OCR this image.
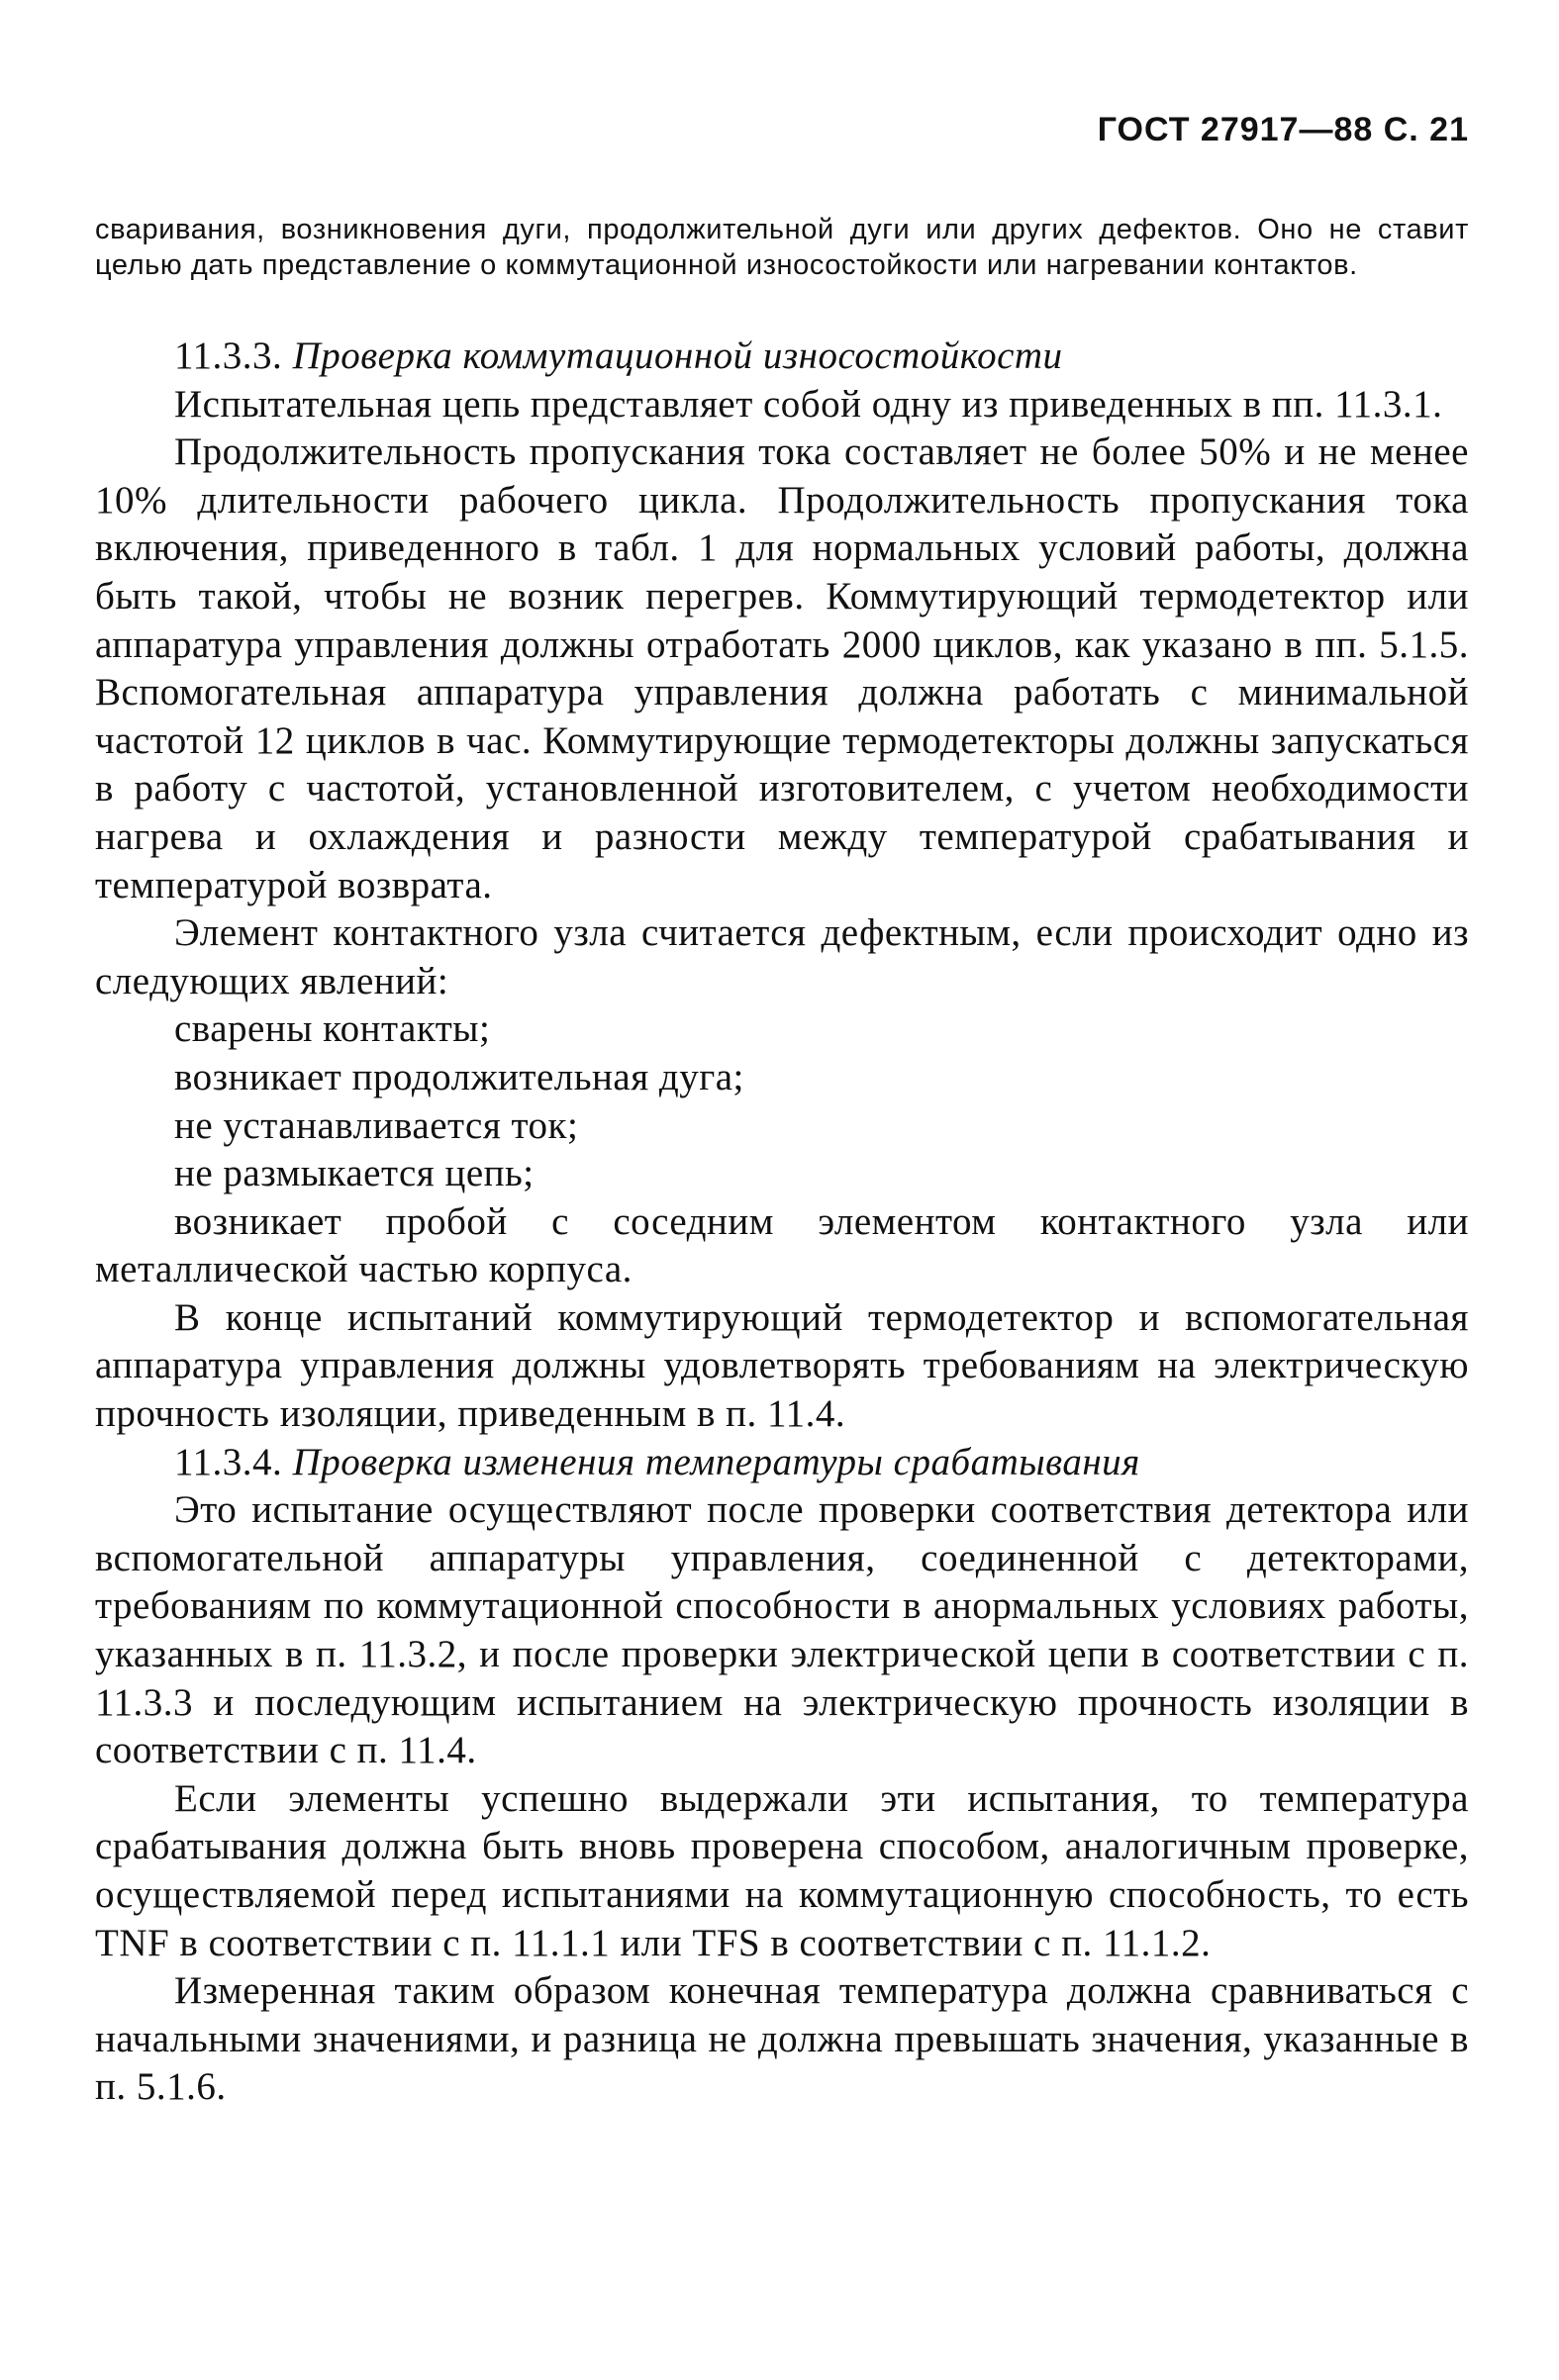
ГОСТ 27917—88 С. 21
сваривания, возникновения дуги, продолжительной дуги или других дефектов. Оно не ставит целью дать представление о коммутационной износостойкости или нагревании контактов.

11.3.3. Проверка коммутационной износостойкости

Испытательная цепь представляет собой одну из приведенных в пп. 11.3.1.

Продолжительность пропускания тока составляет не более 50% и не менее 10% длительности рабочего цикла. Продолжительность пропускания тока включения, приведенного в табл. 1 для нормальных условий работы, должна быть такой, чтобы не возник перегрев. Коммутирующий термодетектор или аппаратура управления должны отработать 2000 циклов, как указано в пп. 5.1.5. Вспомогательная аппаратура управления должна работать с минимальной частотой 12 циклов в час. Коммутирующие термодетекторы должны запускаться в работу с частотой, установленной изготовителем, с учетом необходимости нагрева и охлаждения и разности между температурой срабатывания и температурой возврата.

Элемент контактного узла считается дефектным, если происходит одно из следующих явлений:

сварены контакты;

возникает продолжительная дуга;

не устанавливается ток;

не размыкается цепь;

возникает пробой с соседним элементом контактного узла или металлической частью корпуса.

В конце испытаний коммутирующий термодетектор и вспомогательная аппаратура управления должны удовлетворять требованиям на электрическую прочность изоляции, приведенным в п. 11.4.

11.3.4. Проверка изменения температуры срабатывания

Это испытание осуществляют после проверки соответствия детектора или вспомогательной аппаратуры управления, соединенной с детекторами, требованиям по коммутационной способности в анормальных условиях работы, указанных в п. 11.3.2, и после проверки электрической цепи в соответствии с п. 11.3.3 и последующим испытанием на электрическую прочность изоляции в соответствии с п. 11.4.

Если элементы успешно выдержали эти испытания, то температура срабатывания должна быть вновь проверена способом, аналогичным проверке, осуществляемой перед испытаниями на коммутационную способность, то есть TNF в соответствии с п. 11.1.1 или TFS в соответствии с п. 11.1.2.

Измеренная таким образом конечная температура должна сравниваться с начальными значениями, и разница не должна превышать значения, указанные в п. 5.1.6.
